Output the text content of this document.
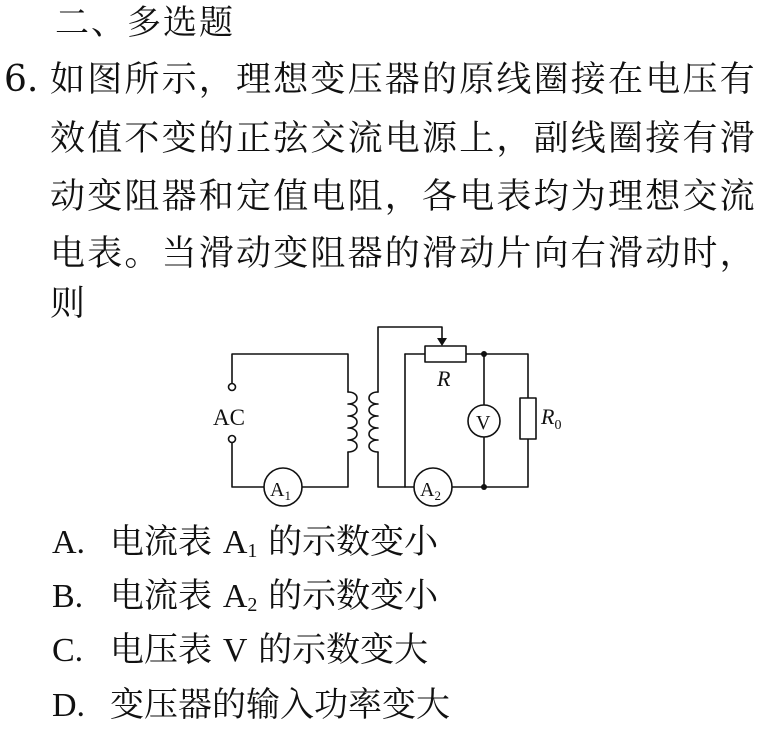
二、多选题
6. 如图所示，理想变压器的原线圈接在电压有
效值不变的正弦交流电源上，副线圈接有滑
动变阻器和定值电阻，各电表均为理想交流
电表。当滑动变阻器的滑动片向右滑动时，
则
AC
$A_1$	$A_2$
V
R
$R_0$
A. 电流表 $A_1$ 的示数变小
B. 电流表 $A_2$ 的示数变小
C. 电压表 V 的示数变大
D. 变压器的输入功率变大
